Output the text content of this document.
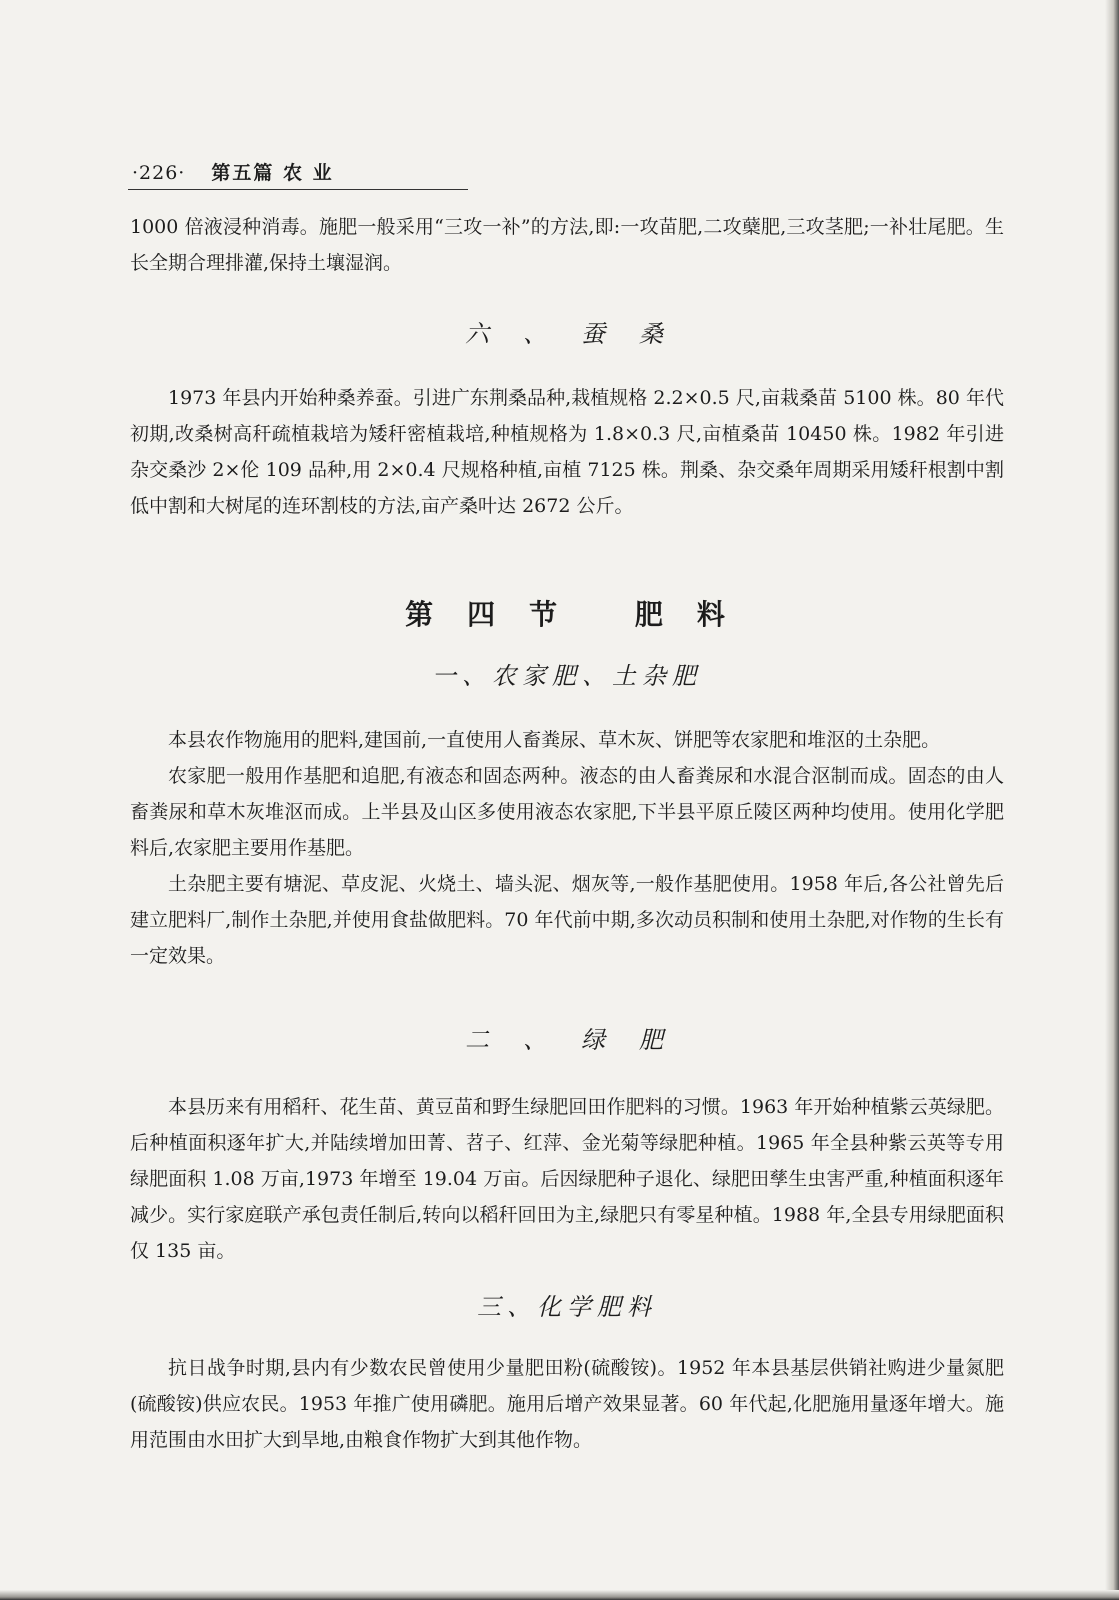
·226· 第五篇 农 业

1000 倍液浸种消毒。施肥一般采用“三攻一补”的方法,即:一攻苗肥,二攻蘖肥,三攻茎肥;一补壮尾肥。生长全期合理排灌,保持土壤湿润。

六、蚕桑

1973 年县内开始种桑养蚕。引进广东荆桑品种,栽植规格 2.2×0.5 尺,亩栽桑苗 5100 株。80 年代初期,改桑树高秆疏植栽培为矮秆密植栽培,种植规格为 1.8×0.3 尺,亩植桑苗 10450 株。1982 年引进杂交桑沙 2×伦 109 品种,用 2×0.4 尺规格种植,亩植 7125 株。荆桑、杂交桑年周期采用矮秆根割中割低中割和大树尾的连环割枝的方法,亩产桑叶达 2672 公斤。

第四节 肥料
一、农家肥、土杂肥

本县农作物施用的肥料,建国前,一直使用人畜粪尿、草木灰、饼肥等农家肥和堆沤的土杂肥。

农家肥一般用作基肥和追肥,有液态和固态两种。液态的由人畜粪尿和水混合沤制而成。固态的由人畜粪尿和草木灰堆沤而成。上半县及山区多使用液态农家肥,下半县平原丘陵区两种均使用。使用化学肥料后,农家肥主要用作基肥。

土杂肥主要有塘泥、草皮泥、火烧土、墙头泥、烟灰等,一般作基肥使用。1958 年后,各公社曾先后建立肥料厂,制作土杂肥,并使用食盐做肥料。70 年代前中期,多次动员积制和使用土杂肥,对作物的生长有一定效果。

二、绿肥

本县历来有用稻秆、花生苗、黄豆苗和野生绿肥回田作肥料的习惯。1963 年开始种植紫云英绿肥。后种植面积逐年扩大,并陆续增加田菁、苕子、红萍、金光菊等绿肥种植。1965 年全县种紫云英等专用绿肥面积 1.08 万亩,1973 年增至 19.04 万亩。后因绿肥种子退化、绿肥田孳生虫害严重,种植面积逐年减少。实行家庭联产承包责任制后,转向以稻秆回田为主,绿肥只有零星种植。1988 年,全县专用绿肥面积仅 135 亩。

三、化学肥料

抗日战争时期,县内有少数农民曾使用少量肥田粉(硫酸铵)。1952 年本县基层供销社购进少量氮肥(硫酸铵)供应农民。1953 年推广使用磷肥。施用后增产效果显著。60 年代起,化肥施用量逐年增大。施用范围由水田扩大到旱地,由粮食作物扩大到其他作物。
